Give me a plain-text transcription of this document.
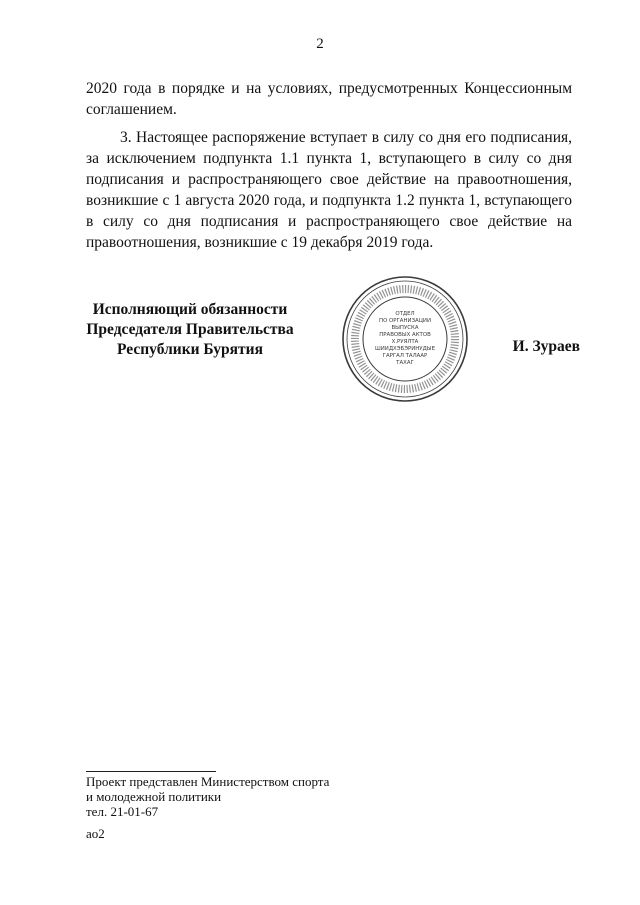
2
2020 года в порядке и на условиях, предусмотренных Концессионным соглашением.
3. Настоящее распоряжение вступает в силу со дня его подписания, за исключением подпункта 1.1 пункта 1, вступающего в силу со дня подписания и распространяющего свое действие на правоотношения, возникшие с 1 августа 2020 года, и подпункта 1.2 пункта 1, вступающего в силу со дня подписания и распространяющего свое действие на правоотношения, возникшие с 19 декабря 2019 года.
Исполняющий обязанности
Председателя Правительства
Республики Бурятия
ОТДЕЛ
ПО ОРГАНИЗАЦИИ
ВЫПУСКА
ПРАВОВЫХ АКТОВ
Х.РУЯЛТА
ШИИДХЭБЭРИНУДЫЕ
ГАРГАЛ ТАЛААР
ТАХАГ
И. Зураев
Проект представлен Министерством спорта
и молодежной политики
тел. 21-01-67
ао2
